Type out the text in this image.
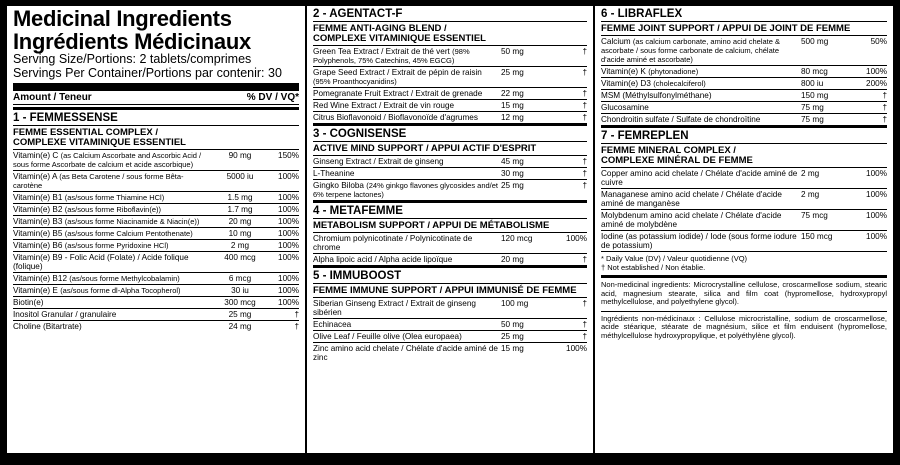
Medicinal Ingredients
Ingrédients Médicinaux
Serving Size/Portions: 2 tablets/comprimes
Servings Per Container/Portions par contenir: 30
Amount / Teneur	% DV / VQ*
1 - FEMMESSENSE
FEMME ESSENTIAL COMPLEX /
COMPLEXE VITAMINIQUE ESSENTIEL
Vitamin(e) C (as Calcium Ascorbate and Ascorbic Acid / sous forme Ascorbate de calcium et acide ascorbique)
90 mg	150%
Vitamin(e) A (as Beta Carotene / sous forme Bêta-carotène
5000 iu	100%
Vitamin(e) B1 (as/sous forme Thiamine HCl)	1.5 mg	100%
Vitamin(e) B2 (as/sous forme Riboflavin(e))	1.7 mg	100%
Vitamin(e) B3 (as/sous forme Niacinamide & Niacin(e))	20 mg	100%
Vitamin(e) B5 (as/sous forme Calcium Pentothenate)	10 mg	100%
Vitamin(e) B6 (as/sous forme Pyridoxine HCl)	2 mg	100%
Vitamin(e) B9 - Folic Acid (Folate) / Acide folique (folique)
400 mcg	100%
Vitamin(e) B12 (as/sous forme Methylcobalamin)	6 mcg	100%
Vitamin(e) E (as/sous forme dl-Alpha Tocopherol)	30 iu	100%
Biotin(e)	300 mcg	100%
Inositol Granular / granulaire	25 mg	†
Choline (Bitartrate)	24 mg	†
2 - AGENTACT-F
FEMME ANTI-AGING BLEND /
COMPLEXE VITAMINIQUE ESSENTIEL
Green Tea Extract / Extrait de thé vert (98% Polyphenols, 75% Catechins, 45% EGCG)
50 mg	†
Grape Seed Extract / Extrait de pépin de raisin (95% Proanthocyanidins)
25 mg	†
Pomegranate Fruit Extract / Extrait de grenade	22 mg	†
Red Wine Extract / Extrait de vin rouge	15 mg	†
Citrus Bioflavonoid / Bioflavonoïde d'agrumes	12 mg	†
3 - COGNISENSE
ACTIVE MIND SUPPORT / APPUI ACTIF D'ESPRIT
Ginseng Extract / Extrait de ginseng	45 mg	†
L-Theanine	30 mg	†
Gingko Biloba (24% ginkgo flavones glycosides and/et 6% terpene lactones)
25 mg	†
4 - METAFEMME
METABOLISM SUPPORT / APPUI DE MÉTABOLISME
Chromium polynicotinate / Polynicotinate de chrome
120 mcg	100%
Alpha lipoic acid / Alpha acide lipoïque	20 mg	†
5 - IMMUBOOST
FEMME IMMUNE SUPPORT / APPUI IMMUNISÉ DE FEMME
Siberian Ginseng Extract / Extrait de ginseng sibérien
100 mg	†
Echinacea	50 mg	†
Olive Leaf / Feuille olive (Olea europaea)	25 mg	†
Zinc amino acid chelate / Chélate d'acide aminé de zinc
15 mg	100%
6 - LIBRAFLEX
FEMME JOINT SUPPORT / APPUI DE JOINT DE FEMME
Calcium (as calcium carbonate, amino acid chelate & ascorbate / sous forme carbonate de calcium, chélate d'acide aminé et ascorbate)
500 mg	50%
Vitamin(e) K (phytonadione)	80 mcg	100%
Vitamin(e) D3 (cholecalciferol)	800 iu	200%
MSM (Méthylsulfonylméthane)	150 mg	†
Glucosamine	75 mg	†
Chondroitin sulfate / Sulfate de chondroïtine	75 mg	†
7 - FEMREPLEN
FEMME MINERAL COMPLEX /
COMPLEXE MINÉRAL DE FEMME
Copper amino acid chelate / Chélate d'acide aminé de cuivre
2 mg	100%
Managanese amino acid chelate / Chélate d'acide aminé de manganèse
2 mg	100%
Molybdenum amino acid chelate / Chélate d'acide aminé de molybdène
75 mcg	100%
Iodine (as potassium iodide) / Iode (sous forme iodure de potassium)
150 mcg	100%
* Daily Value (DV) / Valeur quotidienne (VQ)
† Not established / Non établie.
Non-medicinal ingredients: Microcrystalline cellulose, croscarmellose sodium, stearic acid, magnesium stearate, silica and film coat (hypromellose, hydroxypropyl methylcellulose, and polyethylene glycol).
Ingrédients non-médicinaux : Cellulose microcristalline, sodium de croscarmellose, acide stéarique, stéarate de magnésium, silice et film enduisent (hypromellose, méthylcellulose hydroxypropylique, et polyéthylène glycol).
